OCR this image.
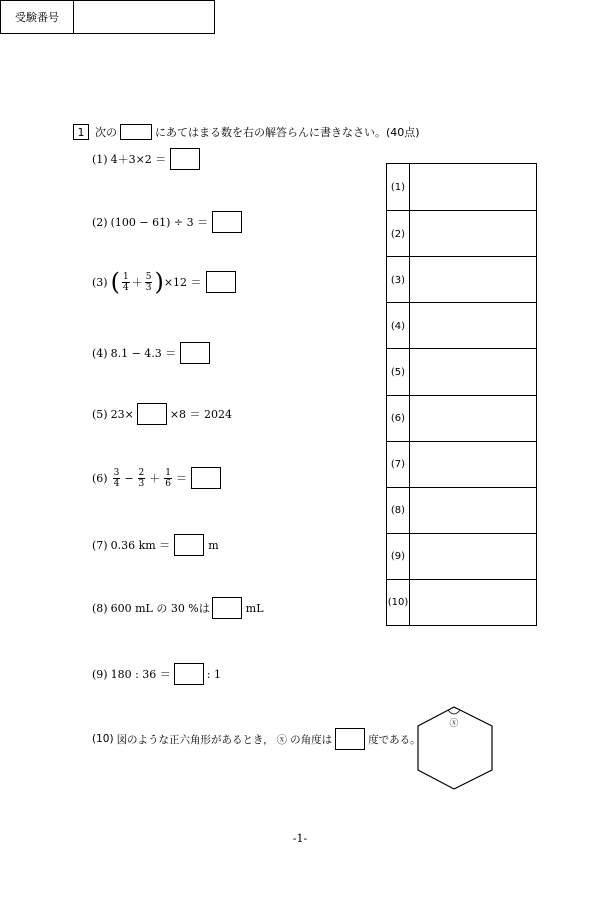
受験番号
1 次の	にあてはまる数を右の解答らんに書きなさい。(40点)
(1) 4＋3×2 ＝
(2) (100 − 61) ÷ 3 ＝
(3) ( $\frac{1}{4} + \frac{5}{3}$ ) ×12 ＝
(4) 8.1 − 4.3 ＝
(5) 23×	×8 ＝ 2024
$(6) \frac{3}{4} - \frac{2}{3} + \frac{1}{6}$ ＝
(7) 0.36 km ＝	m
(8) 600 mL の 30 %は	mL
(9) 180 : 36 ＝	: 1
(10) 図のような正六角形があるとき， ⓧ の角度は	度である。
ⓧ
(1)
(2)
(3)
(4)
(5)
(6)
(7)
(8)
(9)
(10)
-1-
